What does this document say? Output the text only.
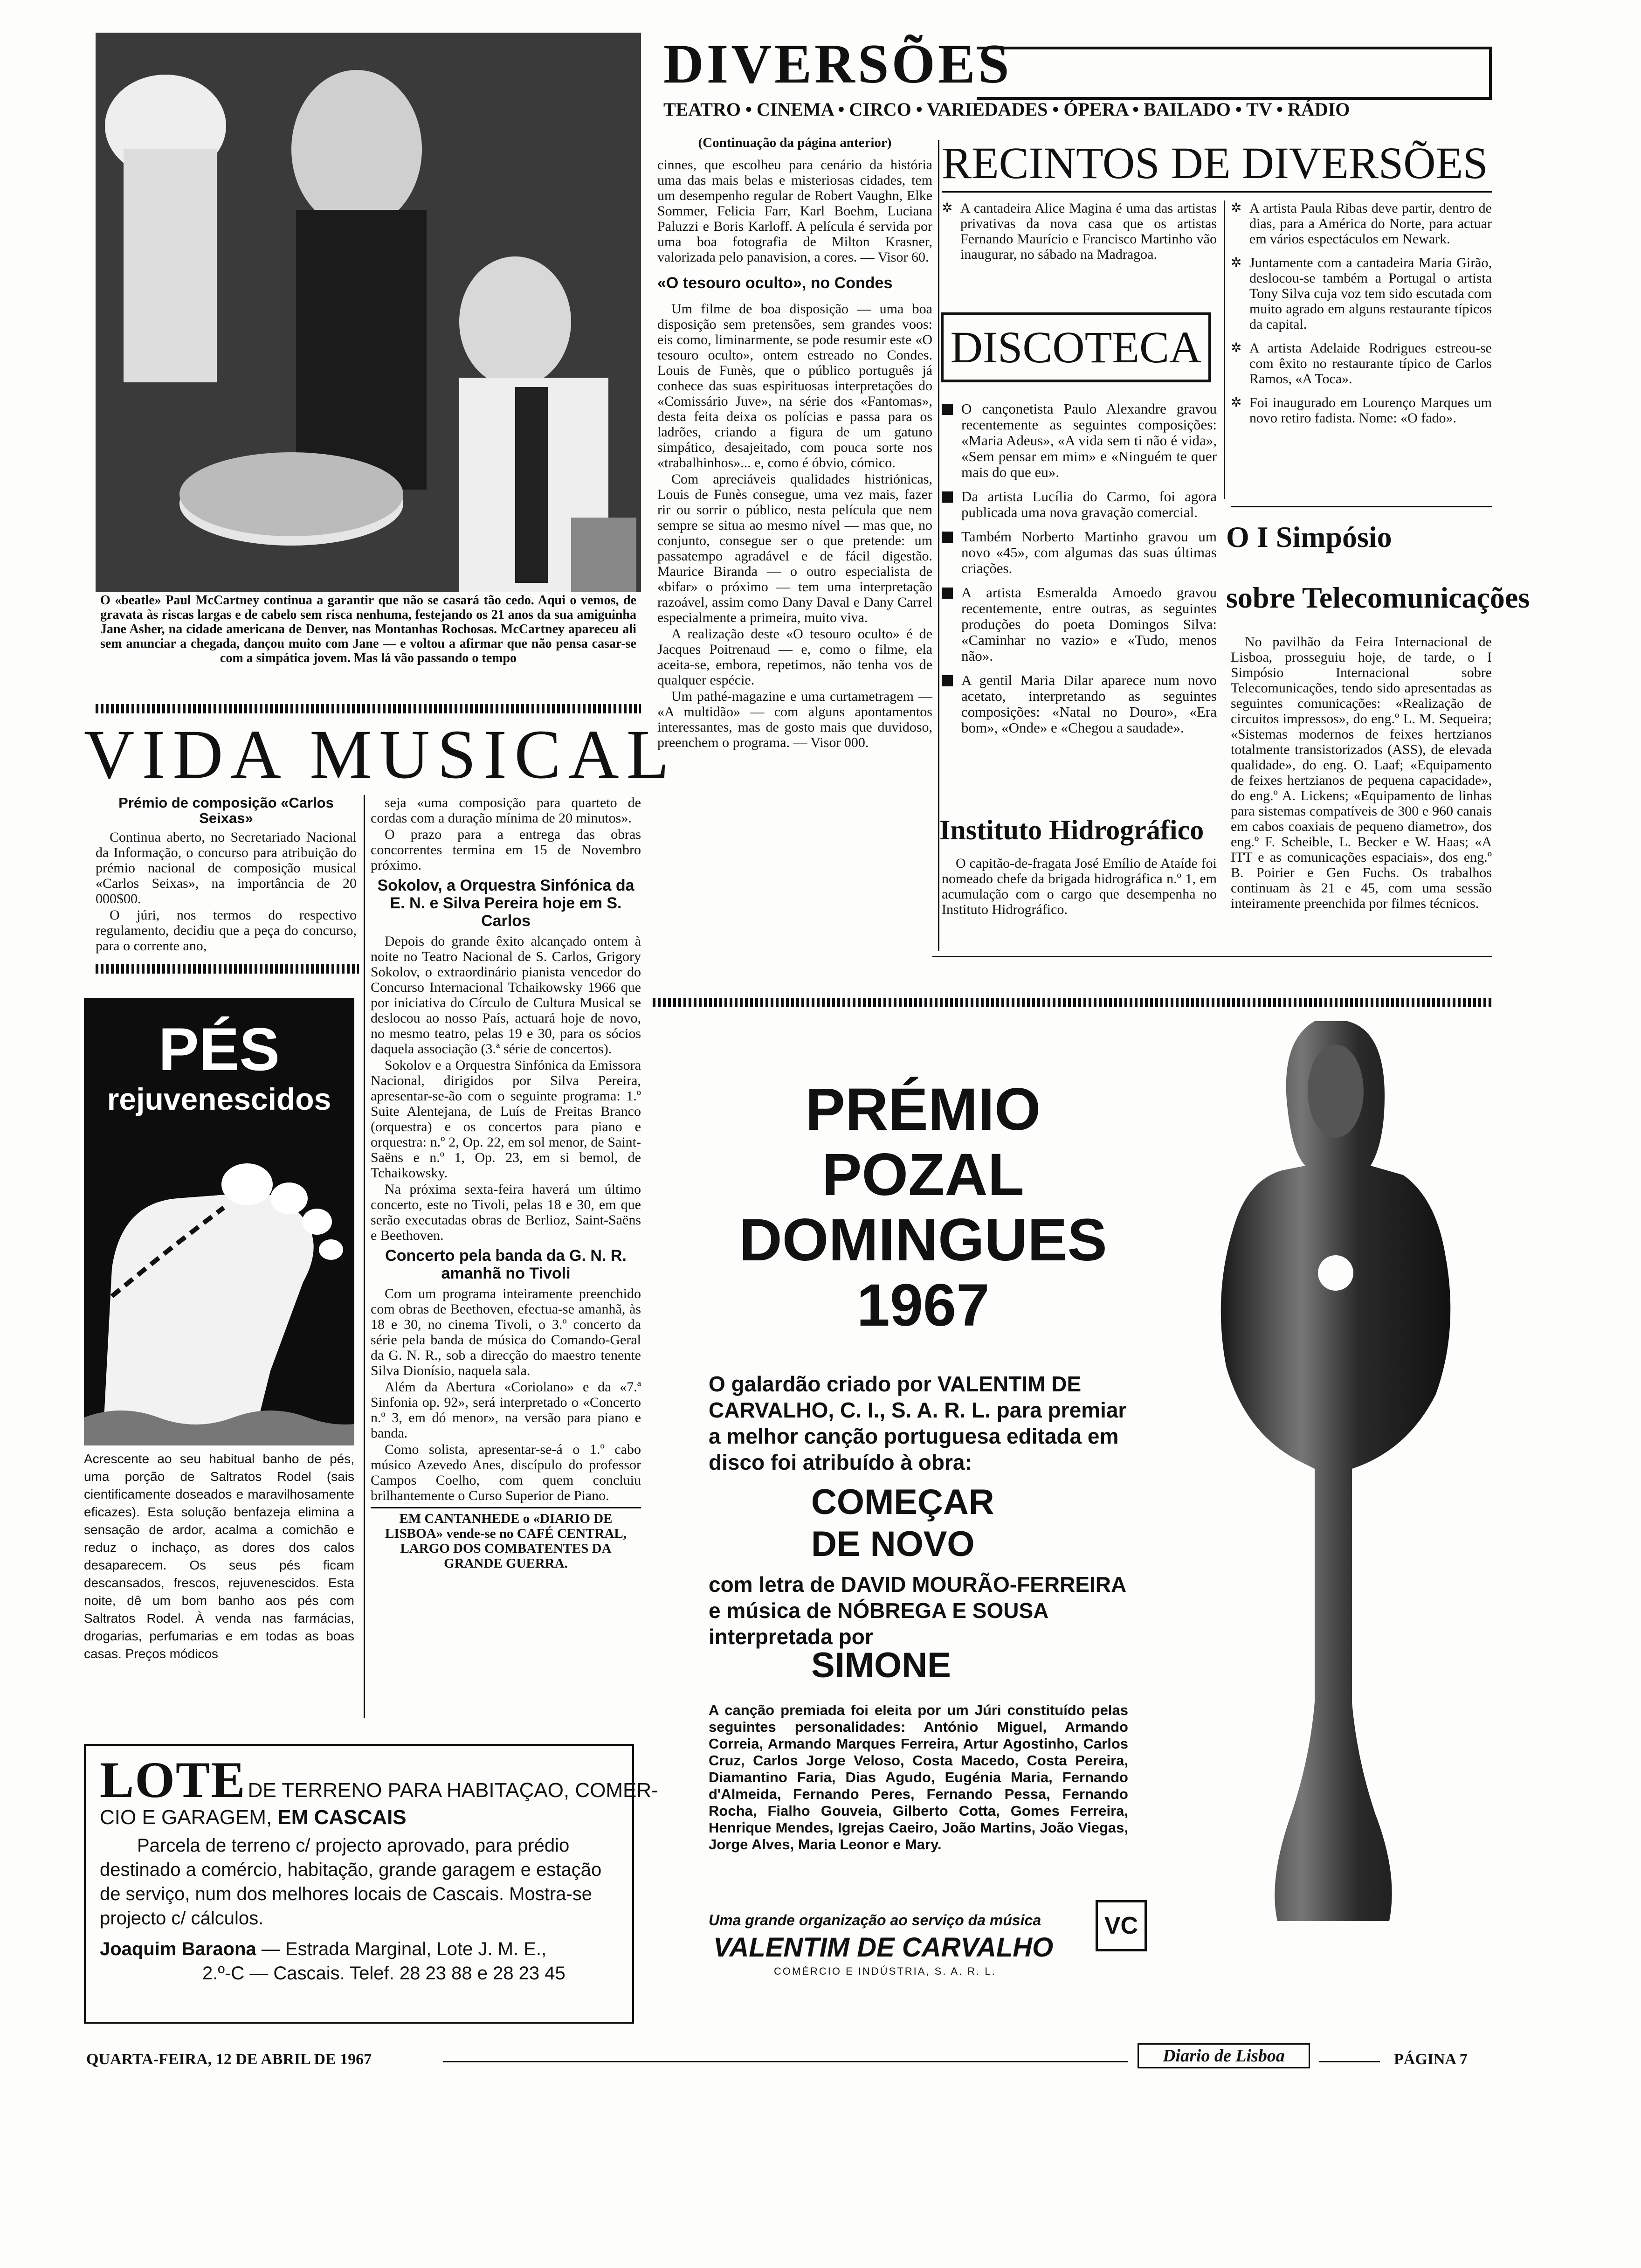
O «beatle» Paul McCartney continua a garantir que não se casará tão cedo. Aqui o vemos, de gravata às riscas largas e de cabelo sem risca nenhuma, festejando os 21 anos da sua amiguinha Jane Asher, na cidade americana de Denver, nas Montanhas Rochosas. McCartney apareceu ali sem anunciar a chegada, dançou muito com Jane — e voltou a afirmar que não pensa casar-se com a simpática jovem. Mas lá vão passando o tempo
VIDA MUSICAL
Prémio de composição «Carlos Seixas»

Continua aberto, no Secretariado Nacional da Informação, o concurso para atribuição do prémio nacional de composição musical «Carlos Seixas», na importância de 20 000$00.

O júri, nos termos do respectivo regulamento, decidiu que a peça do concurso, para o corrente ano,

seja «uma composição para quarteto de cordas com a duração mínima de 20 minutos».

O prazo para a entrega das obras concorrentes termina em 15 de Novembro próximo.

Sokolov, a Orquestra Sinfónica da E. N. e Silva Pereira hoje em S. Carlos

Depois do grande êxito alcançado ontem à noite no Teatro Nacional de S. Carlos, Grigory Sokolov, o extraordinário pianista vencedor do Concurso Internacional Tchaikowsky 1966 que por iniciativa do Círculo de Cultura Musical se deslocou ao nosso País, actuará hoje de novo, no mesmo teatro, pelas 19 e 30, para os sócios daquela associação (3.ª série de concertos).

Sokolov e a Orquestra Sinfónica da Emissora Nacional, dirigidos por Silva Pereira, apresentar-se-ão com o seguinte programa: 1.º Suite Alentejana, de Luís de Freitas Branco (orquestra) e os concertos para piano e orquestra: n.º 2, Op. 22, em sol menor, de Saint-Saëns e n.º 1, Op. 23, em si bemol, de Tchaikowsky.

Na próxima sexta-feira haverá um último concerto, este no Tivoli, pelas 18 e 30, em que serão executadas obras de Berlioz, Saint-Saëns e Beethoven.

Concerto pela banda da G. N. R. amanhã no Tivoli

Com um programa inteiramente preenchido com obras de Beethoven, efectua-se amanhã, às 18 e 30, no cinema Tivoli, o 3.º concerto da série pela banda de música do Comando-Geral da G. N. R., sob a direcção do maestro tenente Silva Dionísio, naquela sala.

Além da Abertura «Coriolano» e da «7.ª Sinfonia op. 92», será interpretado o «Concerto n.º 3, em dó menor», na versão para piano e banda.

Como solista, apresentar-se-á o 1.º cabo músico Azevedo Anes, discípulo do professor Campos Coelho, com quem concluiu brilhantemente o Curso Superior de Piano.

EM CANTANHEDE o «DIARIO DE LISBOA» vende-se no CAFÉ CENTRAL, LARGO DOS COMBATENTES DA GRANDE GUERRA.
PÉS
rejuvenescidos
Acrescente ao seu habitual banho de pés, uma porção de Saltratos Rodel (sais cientificamente doseados e maravilhosamente eficazes). Esta solução benfazeja elimina a sensação de ardor, acalma a comichão e reduz o inchaço, as dores dos calos desaparecem. Os seus pés ficam descansados, frescos, rejuvenescidos. Esta noite, dê um bom banho aos pés com Saltratos Rodel. À venda nas farmácias, drogarias, perfumarias e em todas as boas casas. Preços módicos
LOTE DE TERRENO PARA HABITAÇAO, COMER-
CIO E GARAGEM, EM CASCAIS
Parcela de terreno c/ projecto aprovado, para prédio destinado a comércio, habitação, grande garagem e estação de serviço, num dos melhores locais de Cascais. Mostra-se projecto c/ cálculos.
Joaquim Baraona — Estrada Marginal, Lote J. M. E.,
2.º-C — Cascais. Telef. 28 23 88 e 28 23 45
DIVERSÕES
TEATRO • CINEMA • CIRCO • VARIEDADES • ÓPERA • BAILADO • TV • RÁDIO
(Continuação da página anterior)
cinnes, que escolheu para cenário da história uma das mais belas e misteriosas cidades, tem um desempenho regular de Robert Vaughn, Elke Sommer, Felicia Farr, Karl Boehm, Luciana Paluzzi e Boris Karloff. A película é servida por uma boa fotografia de Milton Krasner, valorizada pelo panavision, a cores. — Visor 60.
«O tesouro oculto», no Condes

Um filme de boa disposição — uma boa disposição sem pretensões, sem grandes voos: eis como, liminarmente, se pode resumir este «O tesouro oculto», ontem estreado no Condes. Louis de Funès, que o público português já conhece das suas espirituosas interpretações do «Comissário Juve», na série dos «Fantomas», desta feita deixa os polícias e passa para os ladrões, criando a figura de um gatuno simpático, desajeitado, com pouca sorte nos «trabalhinhos»... e, como é óbvio, cómico.

Com apreciáveis qualidades histriónicas, Louis de Funès consegue, uma vez mais, fazer rir ou sorrir o público, nesta película que nem sempre se situa ao mesmo nível — mas que, no conjunto, consegue ser o que pretende: um passatempo agradável e de fácil digestão. Maurice Biranda — o outro especialista de «bifar» o próximo — tem uma interpretação razoável, assim como Dany Daval e Dany Carrel especialmente a primeira, muito viva.

A realização deste «O tesouro oculto» é de Jacques Poitrenaud — e, como o filme, ela aceita-se, embora, repetimos, não tenha vos de qualquer espécie.

Um pathé-magazine e uma curtametragem — «A multidão» — com alguns apontamentos interessantes, mas de gosto mais que duvidoso, preenchem o programa. — Visor 000.

RECINTOS DE DIVERSÕES
✲ A cantadeira Alice Magina é uma das artistas privativas da nova casa que os artistas Fernando Maurício e Francisco Martinho vão inaugurar, no sábado na Madragoa.
✲ A artista Paula Ribas deve partir, dentro de dias, para a América do Norte, para actuar em vários espectáculos em Newark.
✲ Juntamente com a cantadeira Maria Girão, deslocou-se também a Portugal o artista Tony Silva cuja voz tem sido escutada com muito agrado em alguns restaurante típicos da capital.
✲ A artista Adelaide Rodrigues estreou-se com êxito no restaurante típico de Carlos Ramos, «A Toca».
✲ Foi inaugurado em Lourenço Marques um novo retiro fadista. Nome: «O fado».
DISCOTECA
O cançonetista Paulo Alexandre gravou recentemente as seguintes composições: «Maria Adeus», «A vida sem ti não é vida», «Sem pensar em mim» e «Ninguém te quer mais do que eu».
Da artista Lucília do Carmo, foi agora publicada uma nova gravação comercial.
Também Norberto Martinho gravou um novo «45», com algumas das suas últimas criações.
A artista Esmeralda Amoedo gravou recentemente, entre outras, as seguintes produções do poeta Domingos Silva: «Caminhar no vazio» e «Tudo, menos não».
A gentil Maria Dilar aparece num novo acetato, interpretando as seguintes composições: «Natal no Douro», «Era bom», «Onde» e «Chegou a saudade».
Instituto Hidrográfico

O capitão-de-fragata José Emílio de Ataíde foi nomeado chefe da brigada hidrográfica n.º 1, em acumulação com o cargo que desempenha no Instituto Hidrográfico.

O I Simpósio
sobre Telecomunicações

No pavilhão da Feira Internacional de Lisboa, prosseguiu hoje, de tarde, o I Simpósio Internacional sobre Telecomunicações, tendo sido apresentadas as seguintes comunicações: «Realização de circuitos impressos», do eng.º L. M. Sequeira; «Sistemas modernos de feixes hertzianos totalmente transistorizados (ASS), de elevada qualidade», do eng. O. Laaf; «Equipamento de feixes hertzianos de pequena capacidade», do eng.º A. Lickens; «Equipamento de linhas para sistemas compatíveis de 300 e 960 canais em cabos coaxiais de pequeno diametro», dos eng.º F. Scheible, L. Becker e W. Haas; «A ITT e as comunicações espaciais», dos eng.º B. Poirier e Gen Fuchs. Os trabalhos continuam às 21 e 45, com uma sessão inteiramente preenchida por filmes técnicos.

PRÉMIO
POZAL
DOMINGUES
1967
O galardão criado por VALENTIM DE CARVALHO, C. I., S. A. R. L. para premiar a melhor canção portuguesa editada em disco foi atribuído à obra:
COMEÇAR
DE NOVO
com letra de DAVID MOURÃO-FERREIRA e música de NÓBREGA E SOUSA interpretada por
SIMONE
A canção premiada foi eleita por um Júri constituído pelas seguintes personalidades: António Miguel, Armando Correia, Armando Marques Ferreira, Artur Agostinho, Carlos Cruz, Carlos Jorge Veloso, Costa Macedo, Costa Pereira, Diamantino Faria, Dias Agudo, Eugénia Maria, Fernando d'Almeida, Fernando Peres, Fernando Pessa, Fernando Rocha, Fialho Gouveia, Gilberto Cotta, Gomes Ferreira, Henrique Mendes, Igrejas Caeiro, João Martins, João Viegas, Jorge Alves, Maria Leonor e Mary.
Uma grande organização ao serviço da música
VALENTIM DE CARVALHO
COMÉRCIO E INDÚSTRIA, S. A. R. L.
VC
QUARTA-FEIRA, 12 DE ABRIL DE 1967	Diario de Lisboa	PÁGINA 7
